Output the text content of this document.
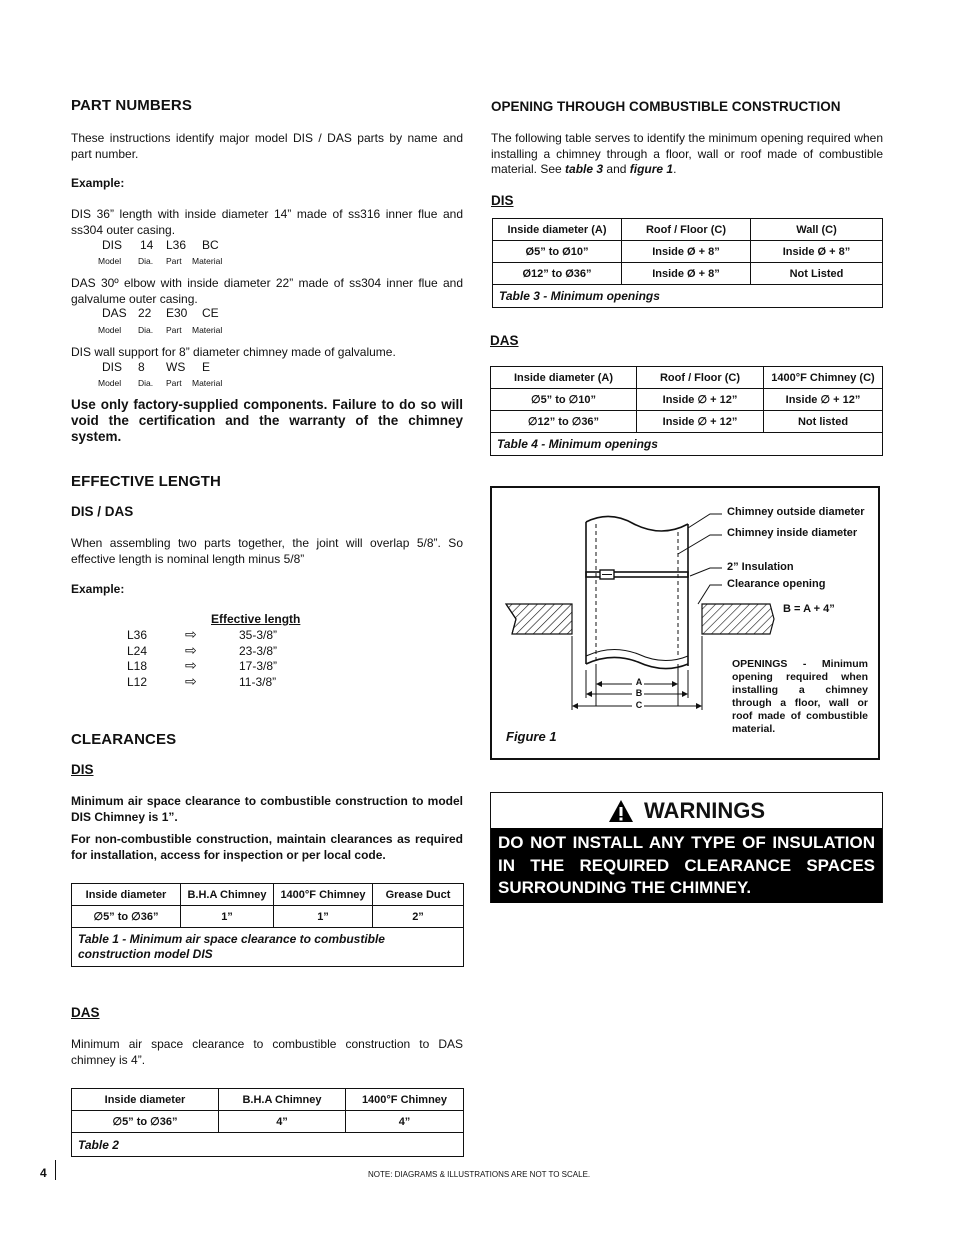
PART NUMBERS
These instructions identify major model DIS / DAS parts by name and part number.
Example:
DIS 36” length with inside diameter 14” made of ss316 inner flue and ss304 outer casing.
DIS 14 L36 BC
Model Dia. Part Material
DAS 30º elbow with inside diameter 22” made of ss304 inner flue and galvalume outer casing.
DAS 22 E30 CE
Model Dia. Part Material
DIS wall support for 8” diameter chimney made of galvalume.
DIS 8 WS E
Model Dia. Part Material
Use only factory-supplied components. Failure to do so will void the certification and the warranty of the chimney system.
EFFECTIVE LENGTH
DIS / DAS
When assembling two parts together, the joint will overlap 5/8”. So effective length is nominal length minus 5/8”
Example:
Effective length
L36	⇨	35-3/8”
L24	⇨	23-3/8”
L18	⇨	17-3/8”
L12	⇨	11-3/8”
CLEARANCES
DIS
Minimum air space clearance to combustible construction to model DIS Chimney is 1”.
For non-combustible construction, maintain clearances as required for installation, access for inspection or per local code.
Inside diameter	B.H.A Chimney	1400°F Chimney	Grease Duct
∅5” to ∅36”	1”	1”	2”
Table 1 - Minimum air space clearance to combustible construction model DIS			
DAS
Minimum air space clearance to combustible construction to DAS chimney is 4”.
Inside diameter	B.H.A Chimney	1400°F Chimney
∅5” to ∅36”	4”	4”
Table 2		
4	NOTE: DIAGRAMS & ILLUSTRATIONS ARE NOT TO SCALE.
OPENING THROUGH COMBUSTIBLE CONSTRUCTION
The following table serves to identify the minimum opening required when installing a chimney through a floor, wall or roof made of combustible material. See table 3 and figure 1.
DIS
Inside diameter (A)	Roof / Floor (C)	Wall (C)
Ø5” to Ø10”	Inside Ø + 8”	Inside Ø + 8”
Ø12” to Ø36”	Inside Ø + 8”	Not Listed
Table 3 - Minimum openings		
DAS
Inside diameter (A)	Roof / Floor (C)	1400°F Chimney (C)
∅5” to ∅10”	Inside ∅ + 12”	Inside ∅ + 12”
∅12” to ∅36”	Inside ∅ + 12”	Not listed
Table 4 - Minimum openings		
Chimney outside diameter
Chimney inside diameter
2” Insulation
Clearance opening
B = A + 4”
A
B
C
OPENINGS - Minimum opening required when installing a chimney through a floor, wall or roof made of combustible material.
Figure 1
WARNINGS
DO NOT INSTALL ANY TYPE OF INSULATION IN THE REQUIRED CLEARANCE SPACES SURROUNDING THE CHIMNEY.
